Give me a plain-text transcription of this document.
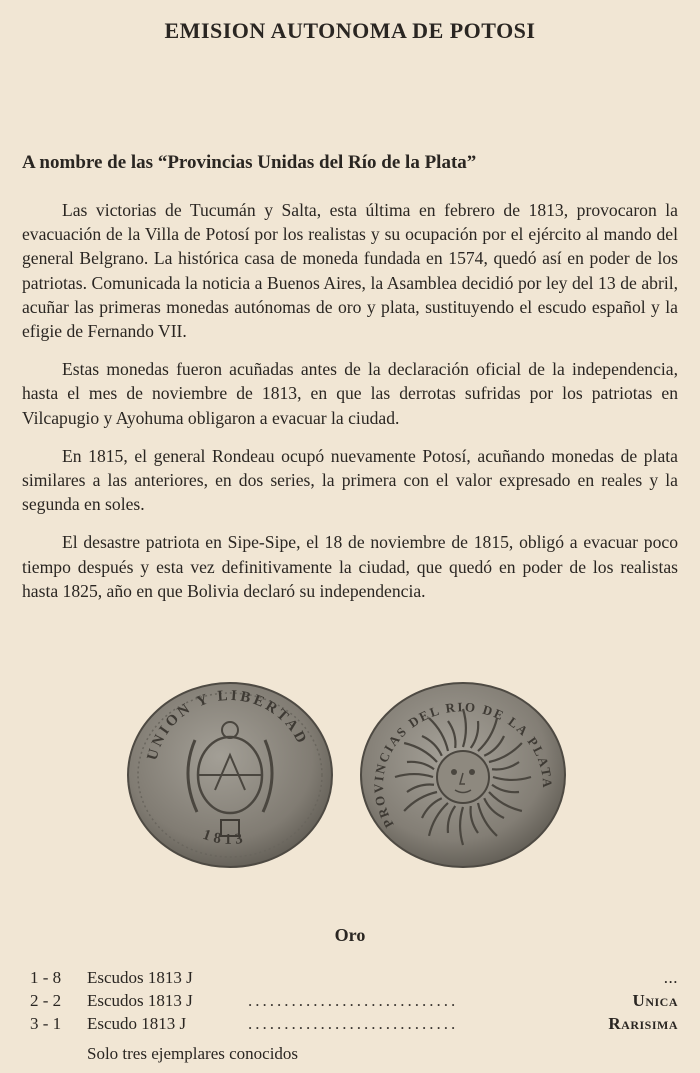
EMISION AUTONOMA DE POTOSI
A nombre de las “Provincias Unidas del Río de la Plata”

Las victorias de Tucumán y Salta, esta última en febrero de 1813, provocaron la evacuación de la Villa de Potosí por los realistas y su ocupación por el ejército al mando del general Belgrano. La histórica casa de moneda fundada en 1574, quedó así en poder de los patriotas. Comunicada la noticia a Buenos Aires, la Asamblea decidió por ley del 13 de abril, acuñar las primeras monedas autónomas de oro y plata, sustituyendo el escudo español y la efigie de Fernando VII.

Estas monedas fueron acuñadas antes de la declaración oficial de la independencia, hasta el mes de noviembre de 1813, en que las derrotas sufridas por los patriotas en Vilcapugio y Ayohuma obligaron a evacuar la ciudad.

En 1815, el general Rondeau ocupó nuevamente Potosí, acuñando monedas de plata similares a las anteriores, en dos series, la primera con el valor expresado en reales y la segunda en soles.

El desastre patriota en Sipe-Sipe, el 18 de noviembre de 1815, obligó a evacuar poco tiempo después y esta vez definitivamente la ciudad, que quedó en poder de los realistas hasta 1825, año en que Bolivia declaró su independencia.

UNION Y LIBERTAD
1813
PROVINCIAS DEL RIO DE LA PLATA
Oro
1 - 8 Escudos 1813 J	...
2 - 2 Escudos 1813 J	.............................	Unica
3 - 1 Escudo 1813 J	.............................	Rarisima
Solo tres ejemplares conocidos
